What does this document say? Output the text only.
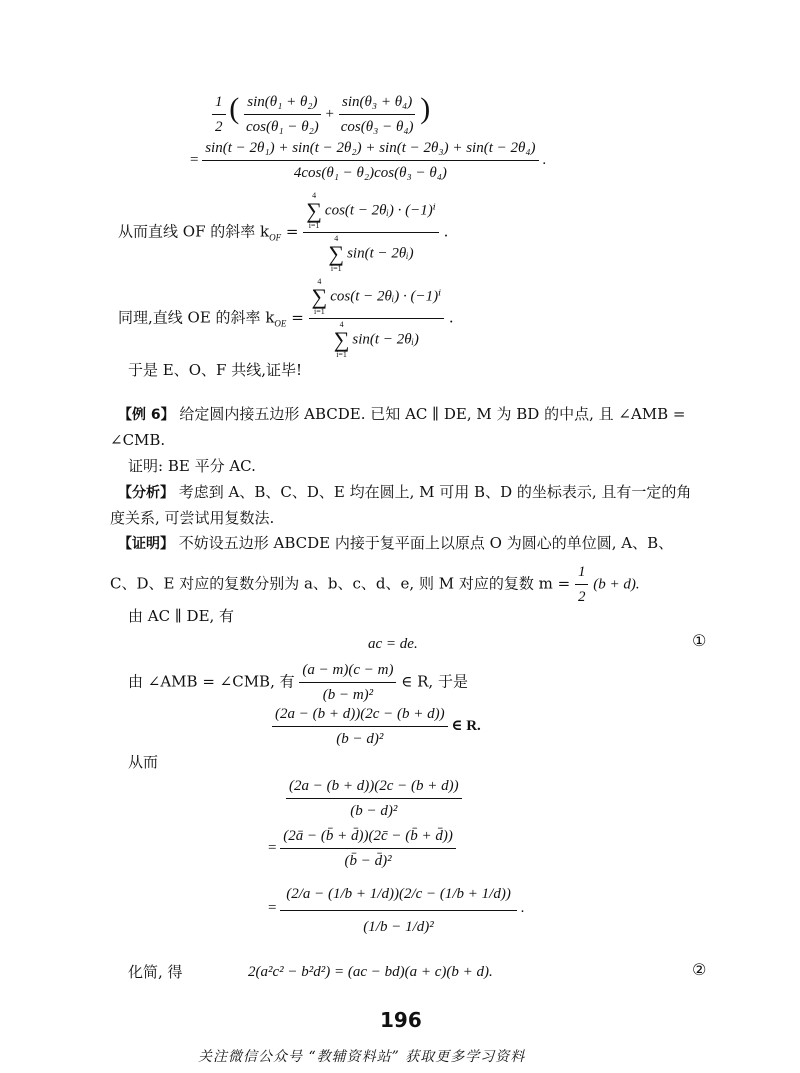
$\frac{1}{2}$ ( $\frac{\text{sin(θ₁ + θ₂)}}{\text{cos(θ₁ − θ₂)}} + \frac{\text{sin(θ₃ + θ₄)}}{\text{cos(θ₃ − θ₄)}}$ )
= $\frac{\text{sin(t − 2θ₁) + sin(t − 2θ₂) + sin(t − 2θ₃) + sin(t − 2θ₄)}}{\text{4cos(θ₁ − θ₂)cos(θ₃ − θ₄)}}$ .
从而直线 OF 的斜率 $k_{OF} = 4$
∑
i=1
cos(t − 2θᵢ) · (−1)ⁱ
4
∑
i=1
sin(t − 2θᵢ) .
同理,直线 OE 的斜率 $k_{OE} = 4$
∑
i=1
cos(t − 2θᵢ) · (−1)ⁱ
4
∑
i=1
sin(t − 2θᵢ) .
于是 E、O、F 共线,证毕!
【例 6】 给定圆内接五边形 ABCDE. 已知 AC ∥ DE, M 为 BD 的中点, 且 ∠AMB =
∠CMB.
证明: BE 平分 AC.
【分析】 考虑到 A、B、C、D、E 均在圆上, M 可用 B、D 的坐标表示, 且有一定的角
度关系, 可尝试用复数法.
【证明】 不妨设五边形 ABCDE 内接于复平面上以原点 O 为圆心的单位圆, A、B、
C、D、E 对应的复数分别为 a、b、c、d、e, 则 M 对应的复数 $m = \frac{1}{2} (b + d)$.
由 AC ∥ DE, 有
ac = de.	①
由 ∠AMB = ∠CMB, 有 $\frac{(a - m)(c - m)}{\text{(b − m)²}}$ ∈ R, 于是
$\frac{(2a - (b + d))(2c - (b + d))}{\text{(b − d)²}}$ ∈ R.
从而
$\frac{(2a - (b + d))(2c - (b + d))}{\text{(b − d)²}}$
= $\frac{(2ā - (b̄ + d̄))(2c̄ - (b̄ + d̄))}{\text{(b̄ − d̄)²}}$
= $\frac{(2/a - (1/b + 1/d))(2/c - (1/b + 1/d))}{\text{(1/b − 1/d)²}}$ .
化简, 得	2(a²c² − b²d²) = (ac − bd)(a + c)(b + d).	②
196
关注微信公众号 “教辅资料站” 获取更多学习资料
